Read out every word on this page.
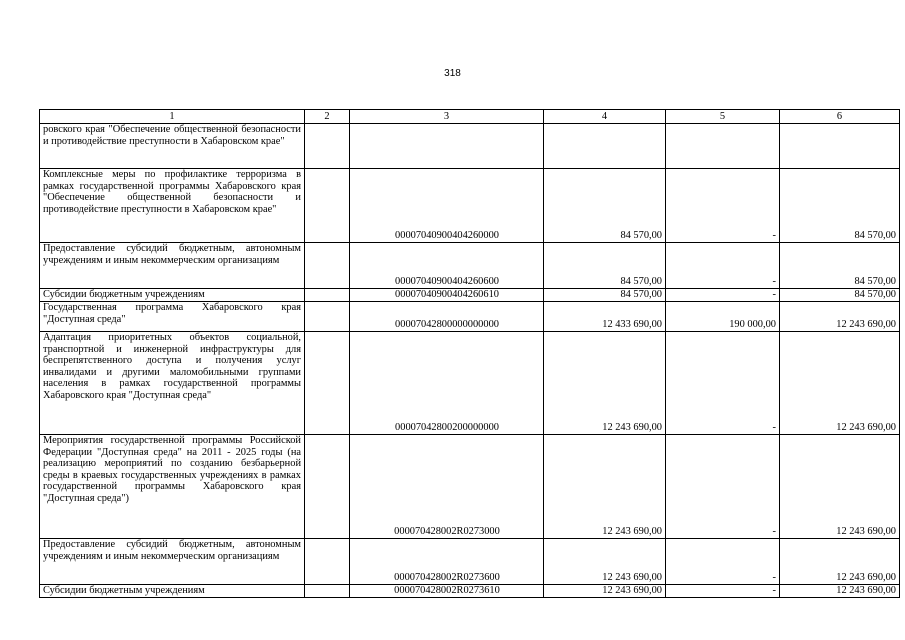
318
1	2	3	4	5	6
ровского края "Обеспечение общественной безопасности и противодействие преступности в Хабаровском крае"					
Комплексные меры по профилактике терроризма в рамках государственной программы Хабаровского края "Обеспечение общественной безопасности и противодействие преступности в Хабаровском крае"		00007040900404260000	84 570,00	-	84 570,00
Предоставление субсидий бюджетным, автономным учреждениям и иным некоммерческим организациям		00007040900404260600	84 570,00	-	84 570,00
Субсидии бюджетным учреждениям		00007040900404260610	84 570,00	-	84 570,00
Государственная программа Хабаровского края "Доступная среда"		00007042800000000000	12 433 690,00	190 000,00	12 243 690,00
Адаптация приоритетных объектов социальной, транспортной и инженерной инфраструктуры для беспрепятственного доступа и получения услуг инвалидами и другими маломобильными группами населения в рамках государственной программы Хабаровского края "Доступная среда"		00007042800200000000	12 243 690,00	-	12 243 690,00
Мероприятия государственной программы Российской Федерации "Доступная среда" на 2011 - 2025 годы (на реализацию мероприятий по созданию безбарьерной среды в краевых государственных учреждениях в рамках государственной программы Хабаровского края "Доступная среда")		000070428002R0273000	12 243 690,00	-	12 243 690,00
Предоставление субсидий бюджетным, автономным учреждениям и иным некоммерческим организациям		000070428002R0273600	12 243 690,00	-	12 243 690,00
Субсидии бюджетным учреждениям		000070428002R0273610	12 243 690,00	-	12 243 690,00
